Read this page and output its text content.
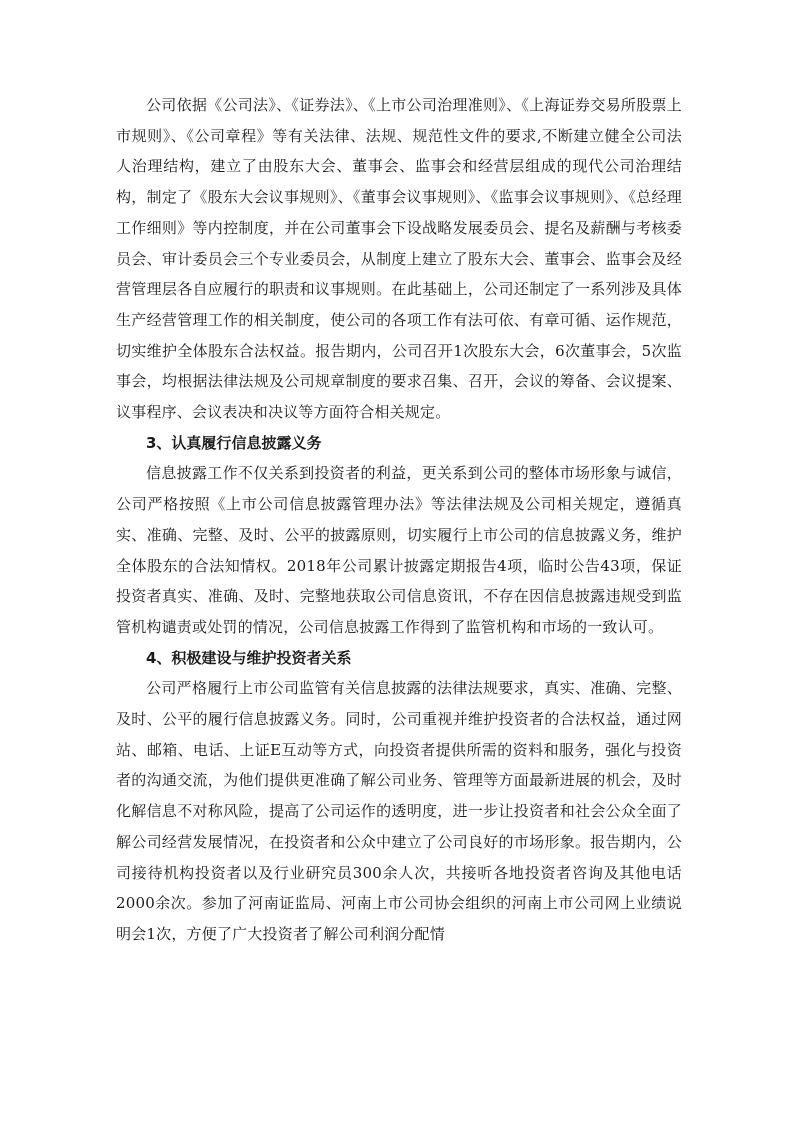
公司依据《公司法》、《证券法》、《上市公司治理准则》、《上海证券交易所股票上市规则》、《公司章程》等有关法律、法规、规范性文件的要求,不断建立健全公司法人治理结构，建立了由股东大会、董事会、监事会和经营层组成的现代公司治理结构，制定了《股东大会议事规则》、《董事会议事规则》、《监事会议事规则》、《总经理工作细则》等内控制度，并在公司董事会下设战略发展委员会、提名及薪酬与考核委员会、审计委员会三个专业委员会，从制度上建立了股东大会、董事会、监事会及经营管理层各自应履行的职责和议事规则。在此基础上，公司还制定了一系列涉及具体生产经营管理工作的相关制度，使公司的各项工作有法可依、有章可循、运作规范，切实维护全体股东合法权益。报告期内，公司召开1次股东大会，6次董事会，5次监事会，均根据法律法规及公司规章制度的要求召集、召开，会议的筹备、会议提案、议事程序、会议表决和决议等方面符合相关规定。

3、认真履行信息披露义务

信息披露工作不仅关系到投资者的利益，更关系到公司的整体市场形象与诚信，公司严格按照《上市公司信息披露管理办法》等法律法规及公司相关规定，遵循真实、准确、完整、及时、公平的披露原则，切实履行上市公司的信息披露义务，维护全体股东的合法知情权。2018年公司累计披露定期报告4项，临时公告43项，保证投资者真实、准确、及时、完整地获取公司信息资讯，不存在因信息披露违规受到监管机构谴责或处罚的情况，公司信息披露工作得到了监管机构和市场的一致认可。

4、积极建设与维护投资者关系

公司严格履行上市公司监管有关信息披露的法律法规要求，真实、准确、完整、及时、公平的履行信息披露义务。同时，公司重视并维护投资者的合法权益，通过网站、邮箱、电话、上证E互动等方式，向投资者提供所需的资料和服务，强化与投资者的沟通交流，为他们提供更准确了解公司业务、管理等方面最新进展的机会，及时化解信息不对称风险，提高了公司运作的透明度，进一步让投资者和社会公众全面了解公司经营发展情况，在投资者和公众中建立了公司良好的市场形象。报告期内，公司接待机构投资者以及行业研究员300余人次，共接听各地投资者咨询及其他电话2000余次。参加了河南证监局、河南上市公司协会组织的河南上市公司网上业绩说明会1次，方便了广大投资者了解公司利润分配情
